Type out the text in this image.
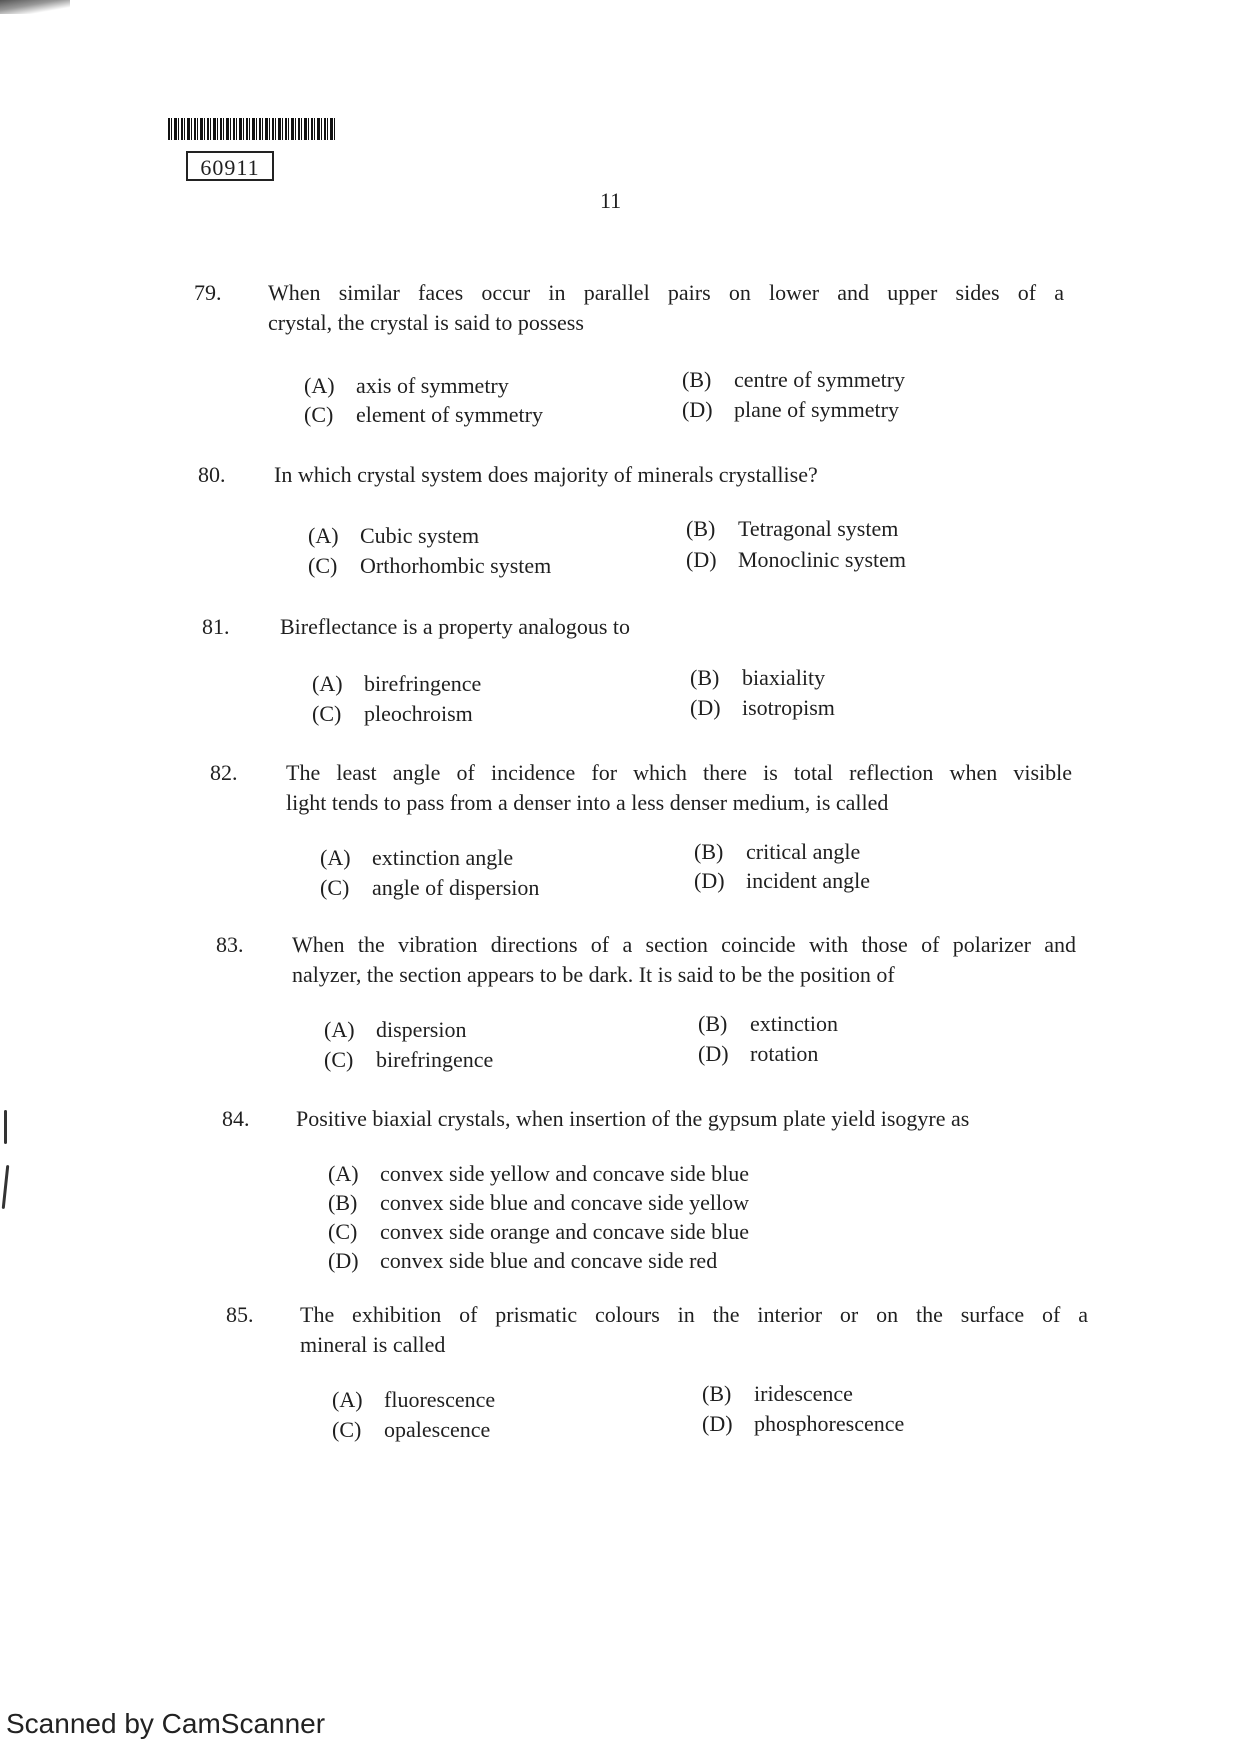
60911
11
79. When similar faces occur in parallel pairs on lower and upper sides of a
crystal, the crystal is said to possess
(A) axis of symmetry	(B) centre of symmetry
(C) element of symmetry	(D) plane of symmetry
80. In which crystal system does majority of minerals crystallise?
(A) Cubic system	(B) Tetragonal system
(C) Orthorhombic system	(D) Monoclinic system
81. Bireflectance is a property analogous to
(A) birefringence	(B) biaxiality
(C) pleochroism	(D) isotropism
82. The least angle of incidence for which there is total reflection when visible
light tends to pass from a denser into a less denser medium, is called
(A) extinction angle	(B) critical angle
(C) angle of dispersion	(D) incident angle
83. When the vibration directions of a section coincide with those of polarizer and
nalyzer, the section appears to be dark. It is said to be the position of
(A) dispersion	(B) extinction
(C) birefringence	(D) rotation
84. Positive biaxial crystals, when insertion of the gypsum plate yield isogyre as
(A) convex side yellow and concave side blue
(B) convex side blue and concave side yellow
(C) convex side orange and concave side blue
(D) convex side blue and concave side red
85. The exhibition of prismatic colours in the interior or on the surface of a
mineral is called
(A) fluorescence	(B) iridescence
(C) opalescence	(D) phosphorescence
Scanned by CamScanner
